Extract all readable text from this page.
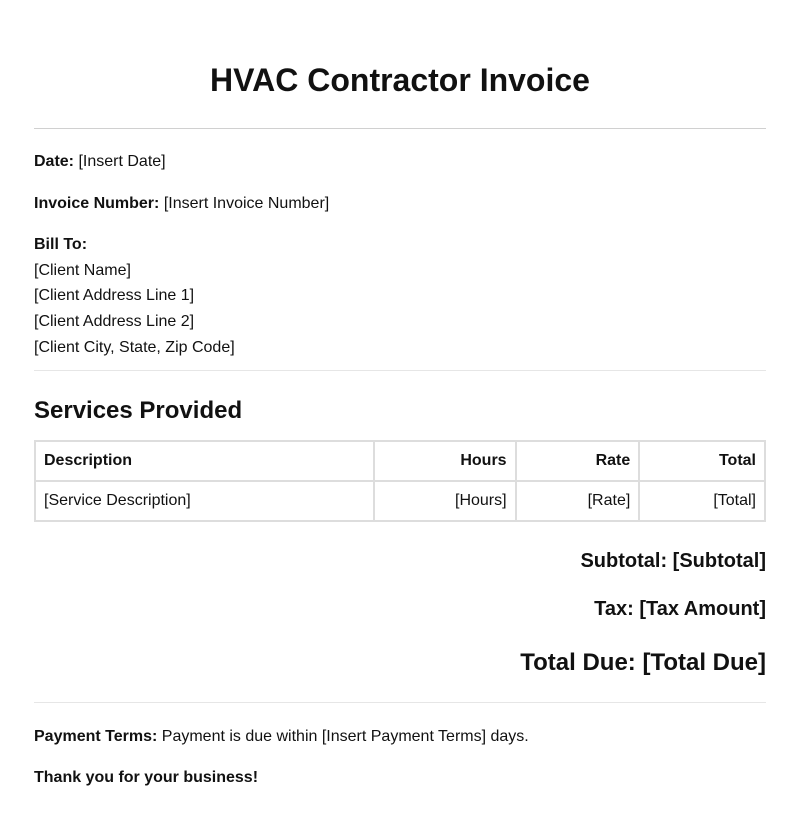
HVAC Contractor Invoice
Date: [Insert Date]
Invoice Number: [Insert Invoice Number]
Bill To:
[Client Name]
[Client Address Line 1]
[Client Address Line 2]
[Client City, State, Zip Code]
Services Provided
Description	Hours	Rate	Total
[Service Description]	[Hours]	[Rate]	[Total]
Subtotal: [Subtotal]
Tax: [Tax Amount]
Total Due: [Total Due]
Payment Terms: Payment is due within [Insert Payment Terms] days.
Thank you for your business!
